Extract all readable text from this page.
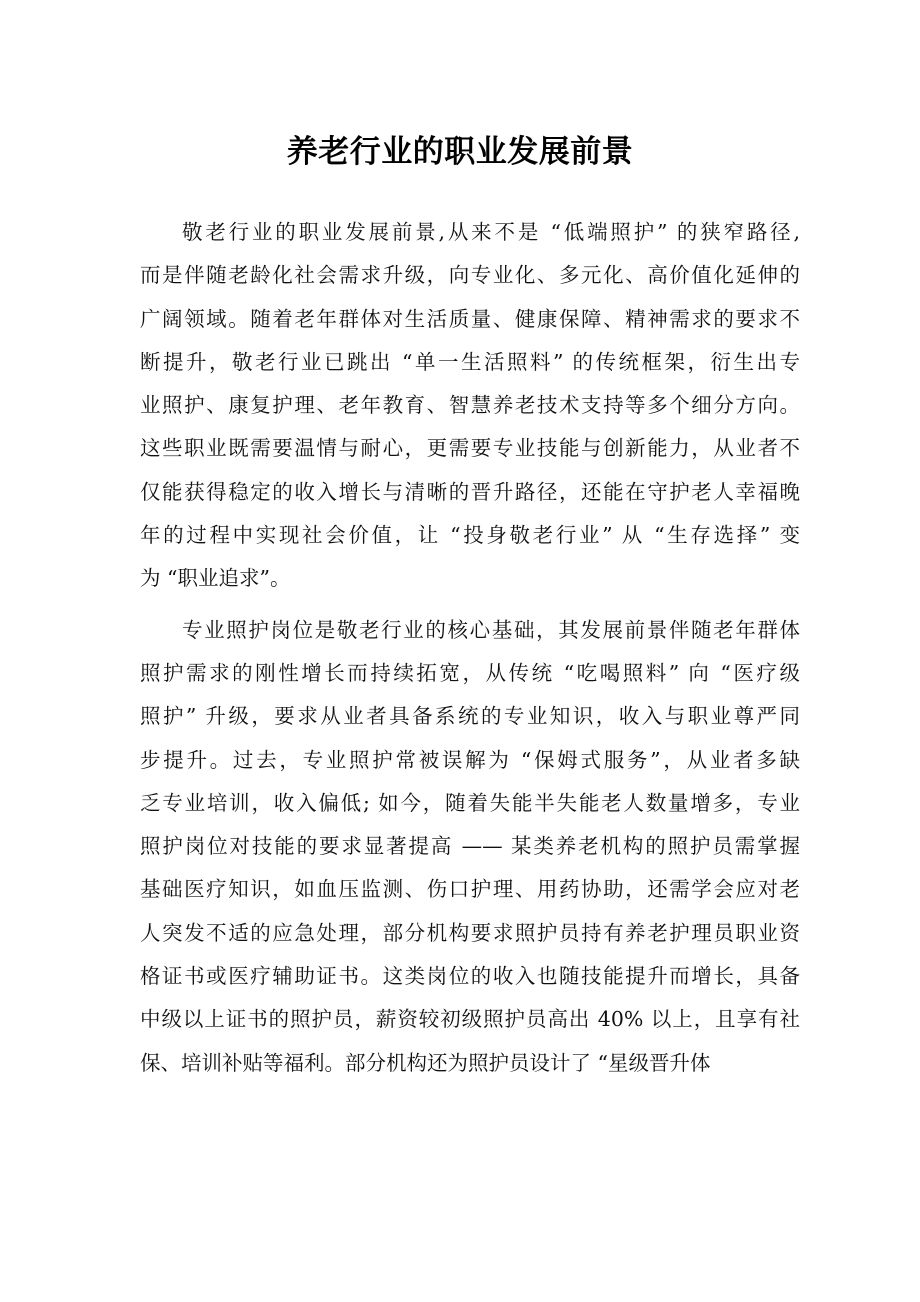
养老行业的职业发展前景
敬老行业的职业发展前景,从来不是 “低端照护” 的狭窄路径,
而是伴随老龄化社会需求升级，向专业化、多元化、高价值化延伸的
广阔领域。随着老年群体对生活质量、健康保障、精神需求的要求不
断提升，敬老行业已跳出 “单一生活照料” 的传统框架，衍生出专
业照护、康复护理、老年教育、智慧养老技术支持等多个细分方向。
这些职业既需要温情与耐心，更需要专业技能与创新能力，从业者不
仅能获得稳定的收入增长与清晰的晋升路径，还能在守护老人幸福晚
年的过程中实现社会价值，让 “投身敬老行业” 从 “生存选择” 变
为 “职业追求”。
专业照护岗位是敬老行业的核心基础，其发展前景伴随老年群体
照护需求的刚性增长而持续拓宽，从传统 “吃喝照料” 向 “医疗级
照护” 升级，要求从业者具备系统的专业知识，收入与职业尊严同
步提升。过去，专业照护常被误解为 “保姆式服务”，从业者多缺
乏专业培训，收入偏低; 如今，随着失能半失能老人数量增多，专业
照护岗位对技能的要求显著提高 —— 某类养老机构的照护员需掌握
基础医疗知识，如血压监测、伤口护理、用药协助，还需学会应对老
人突发不适的应急处理，部分机构要求照护员持有养老护理员职业资
格证书或医疗辅助证书。这类岗位的收入也随技能提升而增长，具备
中级以上证书的照护员，薪资较初级照护员高出 40% 以上，且享有社
保、培训补贴等福利。部分机构还为照护员设计了 “星级晋升体
